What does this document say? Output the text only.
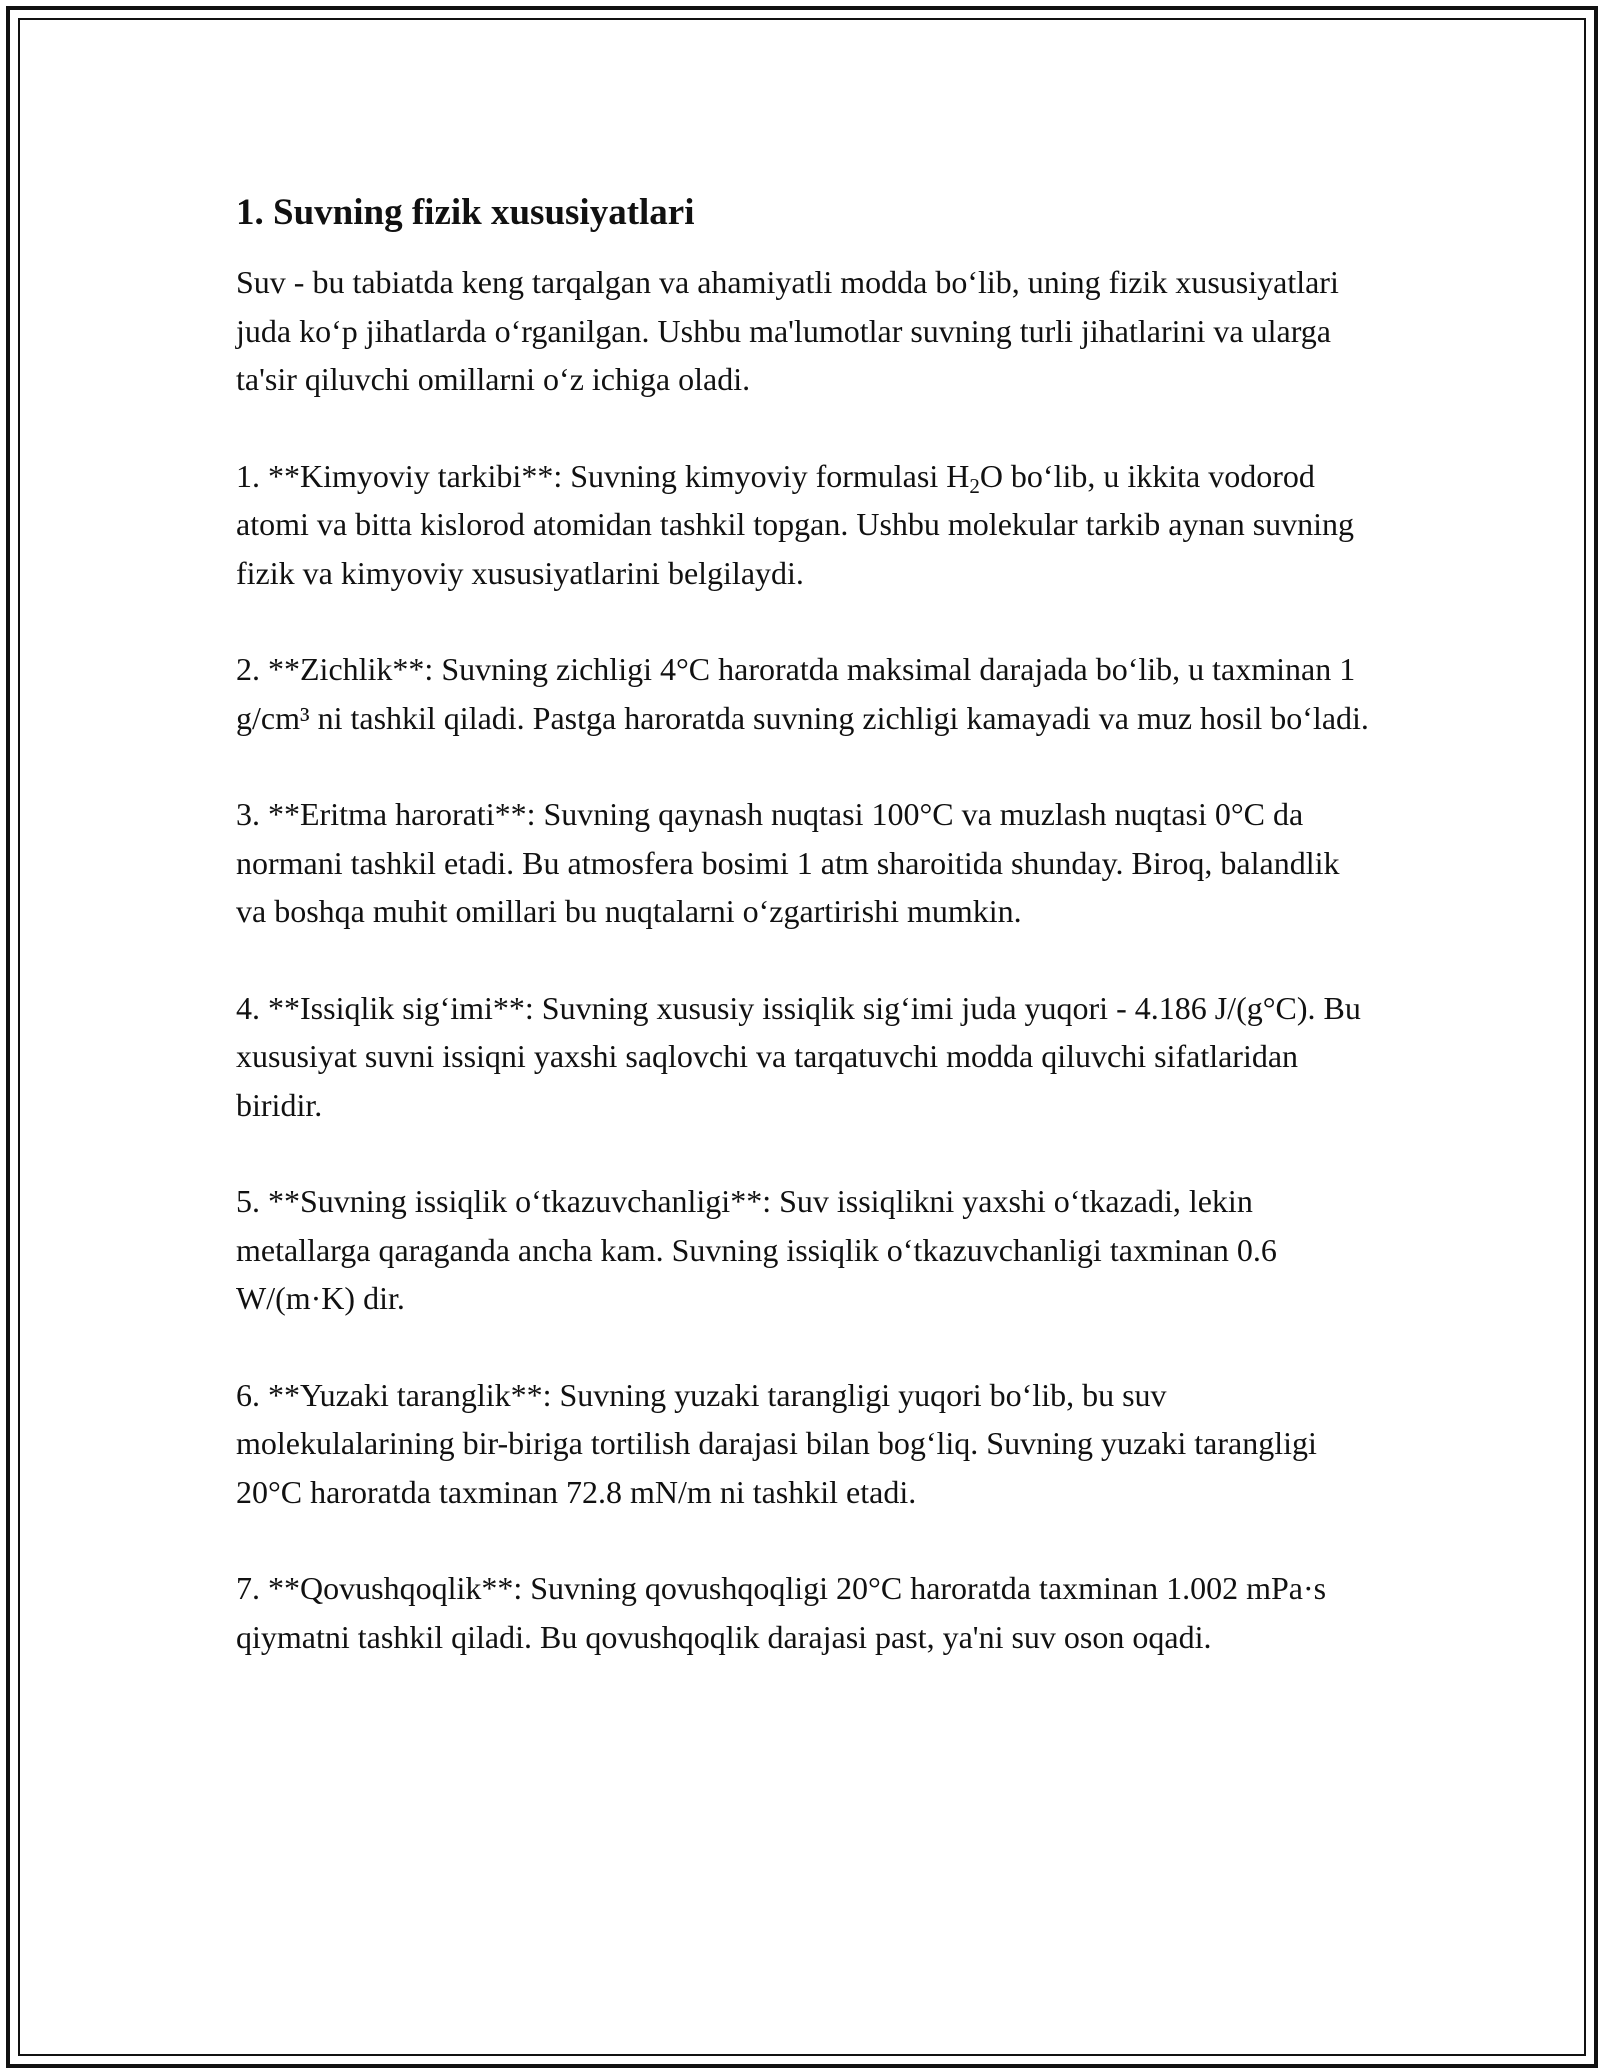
1. Suvning fizik xususiyatlari

Suv - bu tabiatda keng tarqalgan va ahamiyatli modda bo‘lib, uning fizik xususiyatlari juda ko‘p jihatlarda o‘rganilgan. Ushbu ma'lumotlar suvning turli jihatlarini va ularga ta'sir qiluvchi omillarni o‘z ichiga oladi.

1. **Kimyoviy tarkibi**: Suvning kimyoviy formulasi $H_2O$ bo‘lib, u ikkita vodorod atomi va bitta kislorod atomidan tashkil topgan. Ushbu molekular tarkib aynan suvning fizik va kimyoviy xususiyatlarini belgilaydi.

2. **Zichlik**: Suvning zichligi 4°C haroratda maksimal darajada bo‘lib, u taxminan 1 g/cm³ ni tashkil qiladi. Pastga haroratda suvning zichligi kamayadi va muz hosil bo‘ladi.

3. **Eritma harorati**: Suvning qaynash nuqtasi 100°C va muzlash nuqtasi 0°C da normani tashkil etadi. Bu atmosfera bosimi 1 atm sharoitida shunday. Biroq, balandlik va boshqa muhit omillari bu nuqtalarni o‘zgartirishi mumkin.

4. **Issiqlik sig‘imi**: Suvning xususiy issiqlik sig‘imi juda yuqori - 4.186 J/(g°C). Bu xususiyat suvni issiqni yaxshi saqlovchi va tarqatuvchi modda qiluvchi sifatlaridan biridir.

5. **Suvning issiqlik o‘tkazuvchanligi**: Suv issiqlikni yaxshi o‘tkazadi, lekin metallarga qaraganda ancha kam. Suvning issiqlik o‘tkazuvchanligi taxminan 0.6 W/(m·K) dir.

6. **Yuzaki taranglik**: Suvning yuzaki tarangligi yuqori bo‘lib, bu suv molekulalarining bir-biriga tortilish darajasi bilan bog‘liq. Suvning yuzaki tarangligi 20°C haroratda taxminan 72.8 mN/m ni tashkil etadi.

7. **Qovushqoqlik**: Suvning qovushqoqligi 20°C haroratda taxminan 1.002 mPa·s qiymatni tashkil qiladi. Bu qovushqoqlik darajasi past, ya'ni suv oson oqadi.
